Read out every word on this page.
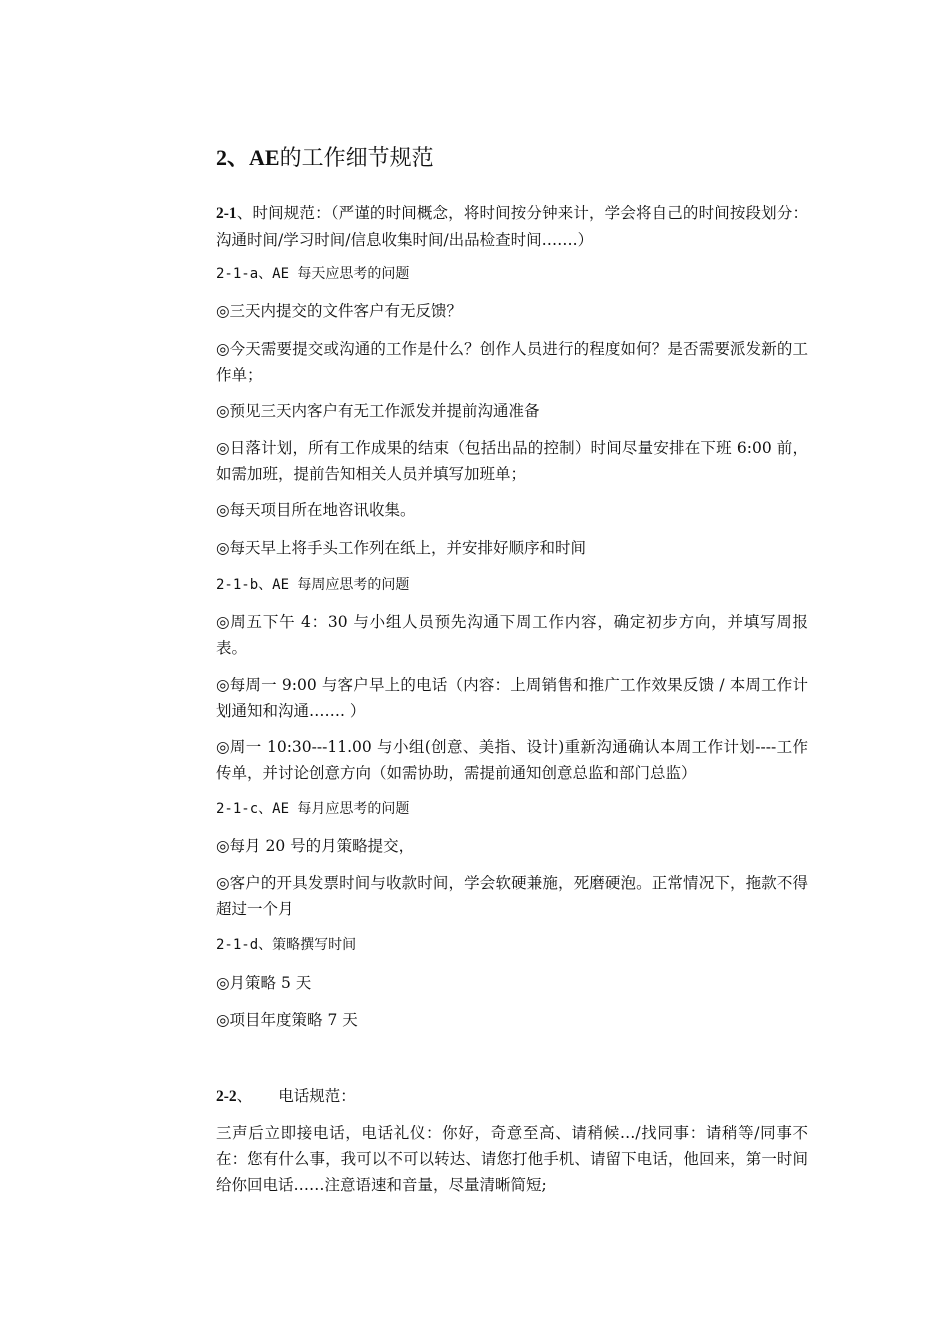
2、AE的工作细节规范

2-1、时间规范：（严谨的时间概念，将时间按分钟来计，学会将自己的时间按段划分：沟通时间/学习时间/信息收集时间/出品检查时间…….）

2-1-a、AE 每天应思考的问题

◎三天内提交的文件客户有无反馈？

◎今天需要提交或沟通的工作是什么？创作人员进行的程度如何？是否需要派发新的工作单；

◎预见三天内客户有无工作派发并提前沟通准备

◎日落计划，所有工作成果的结束（包括出品的控制）时间尽量安排在下班 6:00 前，如需加班，提前告知相关人员并填写加班单；

◎每天项目所在地咨讯收集。

◎每天早上将手头工作列在纸上，并安排好顺序和时间

2-1-b、AE 每周应思考的问题

◎周五下午 4：30 与小组人员预先沟通下周工作内容，确定初步方向，并填写周报表。

◎每周一 9:00 与客户早上的电话（内容：上周销售和推广工作效果反馈 / 本周工作计划通知和沟通……. ）

◎周一 10:30---11.00 与小组(创意、美指、设计)重新沟通确认本周工作计划----工作传单，并讨论创意方向（如需协助，需提前通知创意总监和部门总监）

2-1-c、AE 每月应思考的问题

◎每月 20 号的月策略提交，

◎客户的开具发票时间与收款时间，学会软硬兼施，死磨硬泡。正常情况下，拖款不得超过一个月

2-1-d、策略撰写时间

◎月策略 5 天

◎项目年度策略 7 天

2-2、 电话规范：

三声后立即接电话，电话礼仪：你好，奇意至高、请稍候…/找同事：请稍等/同事不在：您有什么事，我可以不可以转达、请您打他手机、请留下电话，他回来，第一时间给你回电话……注意语速和音量，尽量清晰简短;
